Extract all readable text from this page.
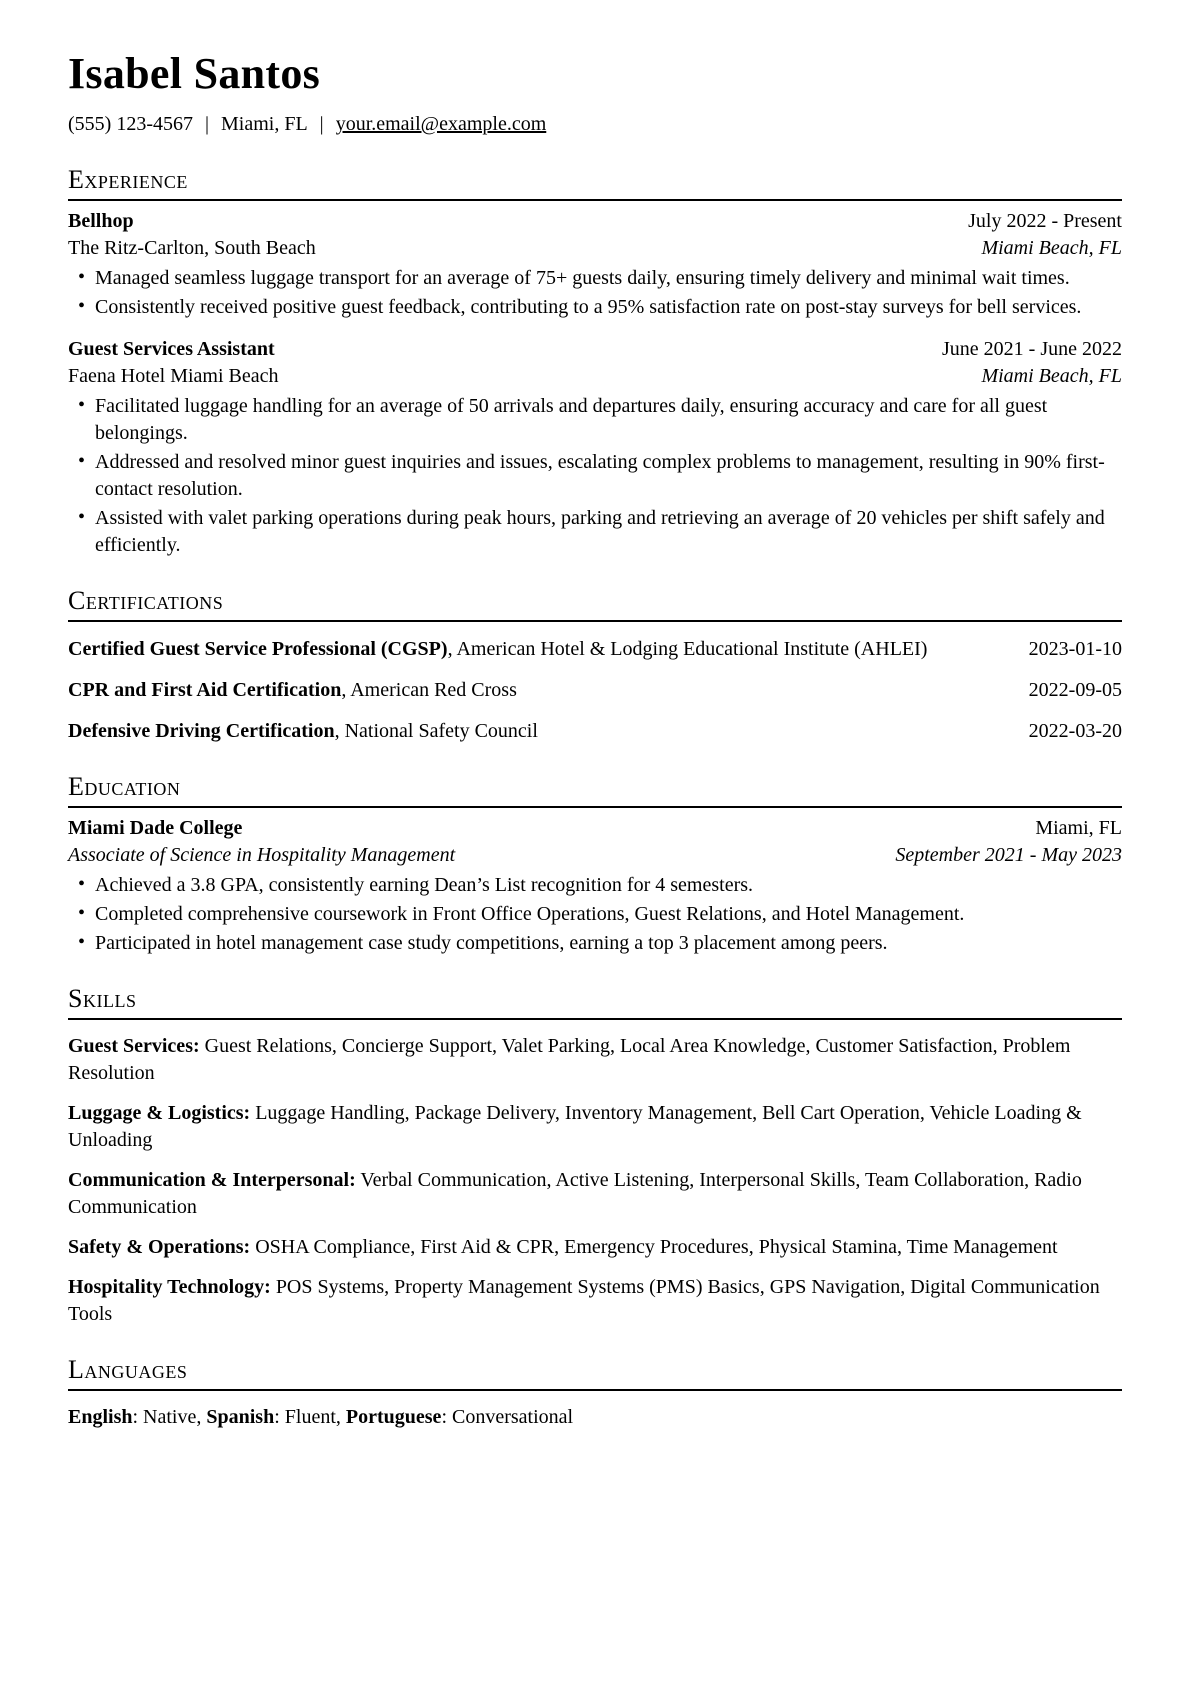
Isabel Santos
(555) 123-4567 | Miami, FL | your.email@example.com
Experience
Bellhop	July 2022 - Present
The Ritz-Carlton, South Beach	Miami Beach, FL
• Managed seamless luggage transport for an average of 75+ guests daily, ensuring timely delivery and minimal wait times.
• Consistently received positive guest feedback, contributing to a 95% satisfaction rate on post-stay surveys for bell services.
Guest Services Assistant	June 2021 - June 2022
Faena Hotel Miami Beach	Miami Beach, FL
• Facilitated luggage handling for an average of 50 arrivals and departures daily, ensuring accuracy and care for all guest belongings.
• Addressed and resolved minor guest inquiries and issues, escalating complex problems to management, resulting in 90% first-contact resolution.
• Assisted with valet parking operations during peak hours, parking and retrieving an average of 20 vehicles per shift safely and efficiently.
Certifications
Certified Guest Service Professional (CGSP), American Hotel & Lodging Educational Institute (AHLEI)	2023-01-10
CPR and First Aid Certification, American Red Cross	2022-09-05
Defensive Driving Certification, National Safety Council	2022-03-20
Education
Miami Dade College	Miami, FL
Associate of Science in Hospitality Management	September 2021 - May 2023
• Achieved a 3.8 GPA, consistently earning Dean’s List recognition for 4 semesters.
• Completed comprehensive coursework in Front Office Operations, Guest Relations, and Hotel Management.
• Participated in hotel management case study competitions, earning a top 3 placement among peers.
Skills

Guest Services: Guest Relations, Concierge Support, Valet Parking, Local Area Knowledge, Customer Satisfaction, Problem Resolution

Luggage & Logistics: Luggage Handling, Package Delivery, Inventory Management, Bell Cart Operation, Vehicle Loading & Unloading

Communication & Interpersonal: Verbal Communication, Active Listening, Interpersonal Skills, Team Collaboration, Radio Communication

Safety & Operations: OSHA Compliance, First Aid & CPR, Emergency Procedures, Physical Stamina, Time Management

Hospitality Technology: POS Systems, Property Management Systems (PMS) Basics, GPS Navigation, Digital Communication Tools

Languages

English: Native, Spanish: Fluent, Portuguese: Conversational
